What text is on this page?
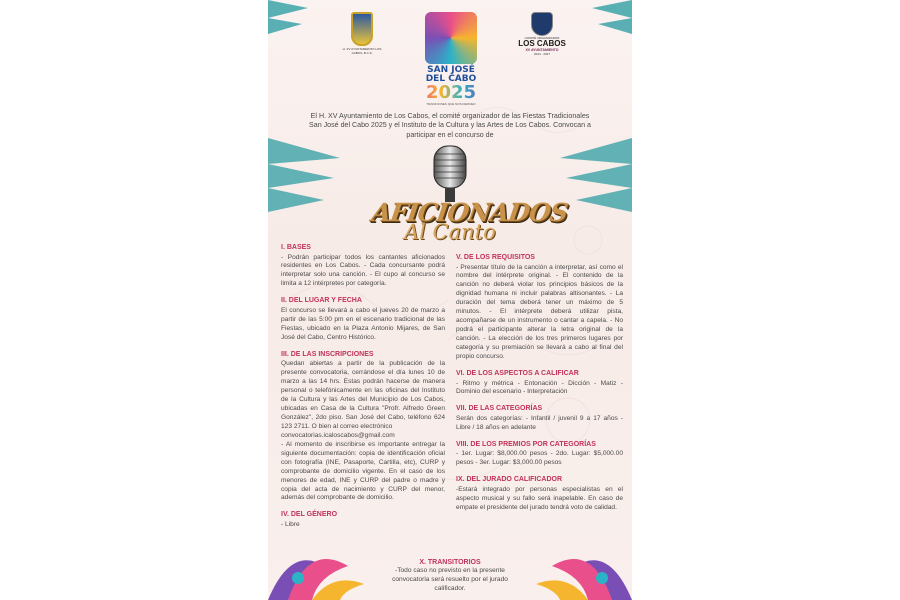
H. XV AYUNTAMIENTO LOS CABOS, B.C.S.
SAN JOSÉ DEL CABO
2025
TRADICIONES QUE NOS DEFINEN
COMITÉ ORGANIZADOR
LOS CABOS
XV AYUNTAMIENTO
2024 · 2027

El H. XV Ayuntamiento de Los Cabos, el comité organizador de las Fiestas Tradicionales San José del Cabo 2025 y el Instituto de la Cultura y las Artes de Los Cabos. Convocan a participar en el concurso de

AFICIONADOS
Al Canto
I. BASES

- Podrán participar todos los cantantes aficionados residentes en Los Cabos. - Cada concursante podrá interpretar solo una canción. - El cupo al concurso se limita a 12 intérpretes por categoría.

II. DEL LUGAR Y FECHA

El concurso se llevará a cabo el jueves 20 de marzo a partir de las 5:00 pm en el escenario tradicional de las Fiestas, ubicado en la Plaza Antonio Mijares, de San José del Cabo, Centro Histórico.

III. DE LAS INSCRIPCIONES

Quedan abiertas a partir de la publicación de la presente convocatoria, cerrándose el día lunes 10 de marzo a las 14 hrs. Estas podrán hacerse de manera personal o telefónicamente en las oficinas del Instituto de la Cultura y las Artes del Municipio de Los Cabos, ubicadas en Casa de la Cultura "Profr. Alfredo Green González", 2do piso. San José del Cabo, teléfono 624 123 2711. O bien al correo electrónico

convocatorias.icaloscabos@gmail.com

- Al momento de inscribirse es importante entregar la siguiente documentación: copia de identificación oficial con fotografía (INE, Pasaporte, Cartilla, etc), CURP y comprobante de domicilio vigente. En el caso de los menores de edad, INE y CURP del padre o madre y copia del acta de nacimiento y CURP del menor, además del comprobante de domicilio.

IV. DEL GÉNERO

- Libre

V. DE LOS REQUISITOS

- Presentar título de la canción a interpretar, así como el nombre del intérprete original. - El contenido de la canción no deberá violar los principios básicos de la dignidad humana ni incluir palabras altisonantes. - La duración del tema deberá tener un máximo de 5 minutos. - El intérprete deberá utilizar pista, acompañarse de un instrumento o cantar a capela. - No podrá el participante alterar la letra original de la canción. - La elección de los tres primeros lugares por categoría y su premiación se llevará a cabo al final del propio concurso.

VI. DE LOS ASPECTOS A CALIFICAR

- Ritmo y métrica - Entonación - Dicción - Matiz - Dominio del escenario - Interpretación

VII. DE LAS CATEGORÍAS

Serán dos categorías: - Infantil / juvenil 9 a 17 años - Libre / 18 años en adelante

VIII. DE LOS PREMIOS POR CATEGORÍAS

- 1er. Lugar: $8,000.00 pesos - 2do. Lugar: $5,000.00 pesos - 3er. Lugar: $3,000.00 pesos

IX. DEL JURADO CALIFICADOR

-Estará integrado por personas especialistas en el aspecto musical y su fallo será inapelable. En caso de empate el presidente del jurado tendrá voto de calidad.

X. TRANSITORIOS

-Todo caso no previsto en la presente convocatoria será resuelto por el jurado calificador.
